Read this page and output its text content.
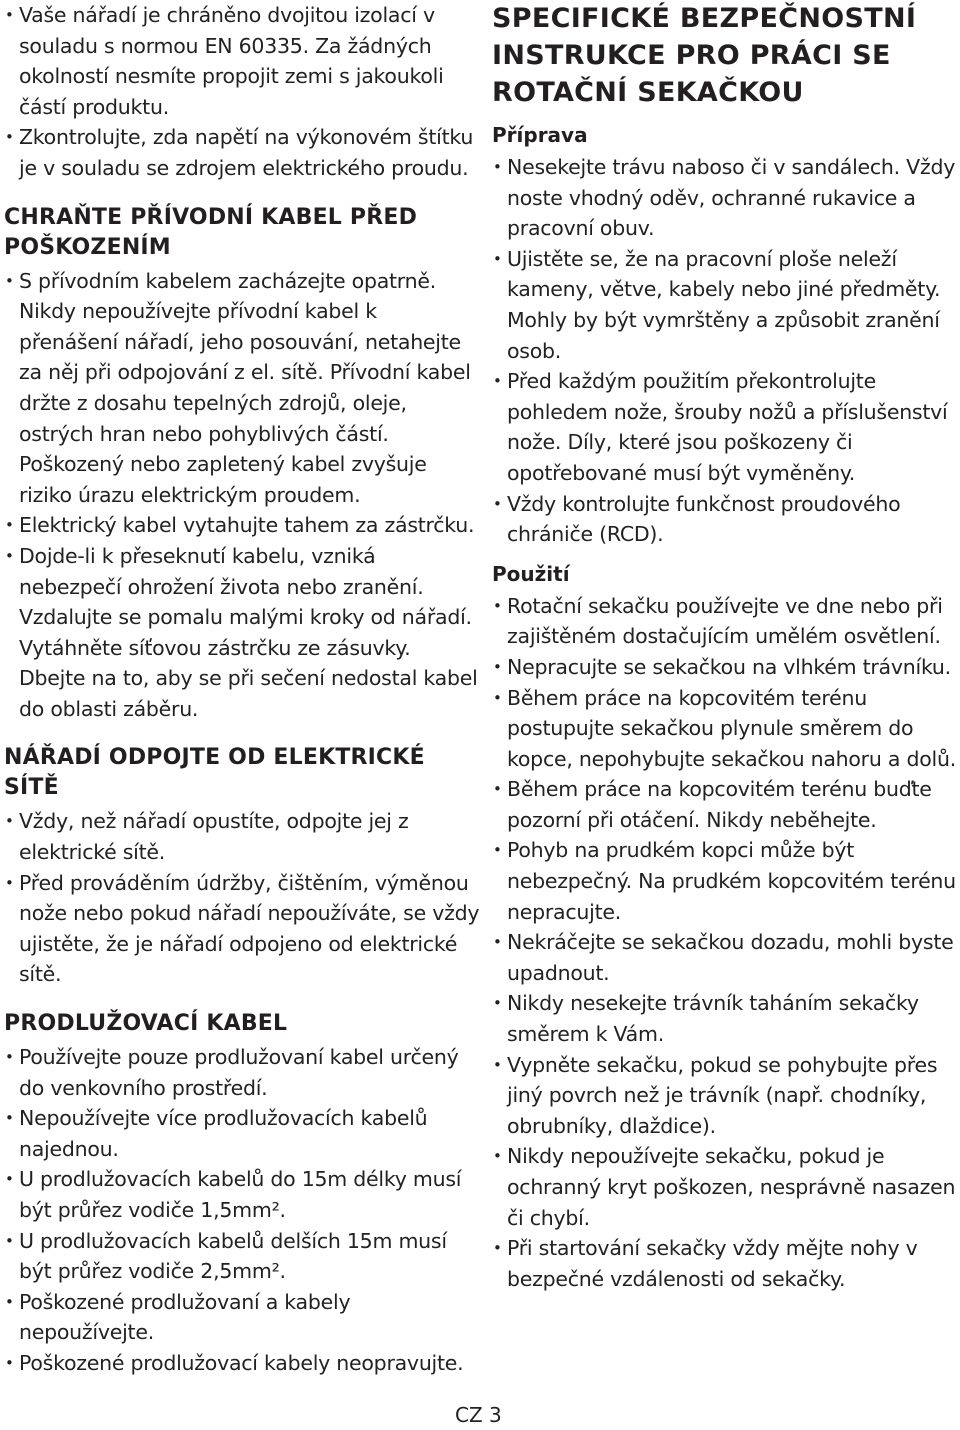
• Vaše nářadí je chráněno dvojitou izolací v souladu s normou EN 60335. Za žádných okolností nesmíte propojit zemi s jakoukoli částí produktu.
• Zkontrolujte, zda napětí na výkonovém štítku je v souladu se zdrojem elektrického proudu.
CHRAŇTE PŘÍVODNÍ KABEL PŘED POŠKOZENÍM
• S přívodním kabelem zacházejte opatrně. Nikdy nepoužívejte přívodní kabel k přenášení nářadí, jeho posouvání, netahejte za něj při odpojování z el. sítě. Přívodní kabel držte z dosahu tepelných zdrojů, oleje, ostrých hran nebo pohyblivých částí. Poškozený nebo zapletený kabel zvyšuje riziko úrazu elektrickým proudem.
• Elektrický kabel vytahujte tahem za zástrčku.
• Dojde-li k přeseknutí kabelu, vzniká nebezpečí ohrožení života nebo zranění. Vzdalujte se pomalu malými kroky od nářadí. Vytáhněte síťovou zástrčku ze zásuvky. Dbejte na to, aby se při sečení nedostal kabel do oblasti záběru.
NÁŘADÍ ODPOJTE OD ELEKTRICKÉ SÍTĚ
• Vždy, než nářadí opustíte, odpojte jej z elektrické sítě.
• Před prováděním údržby, čištěním, výměnou nože nebo pokud nářadí nepoužíváte, se vždy ujistěte, že je nářadí odpojeno od elektrické sítě.
PRODLUŽOVACÍ KABEL
• Používejte pouze prodlužovaní kabel určený do venkovního prostředí.
• Nepoužívejte více prodlužovacích kabelů najednou.
• U prodlužovacích kabelů do 15m délky musí být průřez vodiče 1,5mm².
• U prodlužovacích kabelů delších 15m musí být průřez vodiče 2,5mm².
• Poškozené prodlužovaní a kabely nepoužívejte.
• Poškozené prodlužovací kabely neopravujte.
SPECIFICKÉ BEZPEČNOSTNÍ INSTRUKCE PRO PRÁCI SE ROTAČNÍ SEKAČKOU
Příprava
• Nesekejte trávu naboso či v sandálech. Vždy noste vhodný oděv, ochranné rukavice a pracovní obuv.
• Ujistěte se, že na pracovní ploše neleží kameny, větve, kabely nebo jiné předměty. Mohly by být vymrštěny a způsobit zranění osob.
• Před každým použitím překontrolujte pohledem nože, šrouby nožů a příslušenství nože. Díly, které jsou poškozeny či opotřebované musí být vyměněny.
• Vždy kontrolujte funkčnost proudového chrániče (RCD).
Použití
• Rotační sekačku používejte ve dne nebo při zajištěném dostačujícím umělém osvětlení.
• Nepracujte se sekačkou na vlhkém trávníku.
• Během práce na kopcovitém terénu postupujte sekačkou plynule směrem do kopce, nepohybujte sekačkou nahoru a dolů.
• Během práce na kopcovitém terénu buďte pozorní při otáčení. Nikdy neběhejte.
• Pohyb na prudkém kopci může být nebezpečný. Na prudkém kopcovitém terénu nepracujte.
• Nekráčejte se sekačkou dozadu, mohli byste upadnout.
• Nikdy nesekejte trávník taháním sekačky směrem k Vám.
• Vypněte sekačku, pokud se pohybujte přes jiný povrch než je trávník (např. chodníky, obrubníky, dlaždice).
• Nikdy nepoužívejte sekačku, pokud je ochranný kryt poškozen, nesprávně nasazen či chybí.
• Při startování sekačky vždy mějte nohy v bezpečné vzdálenosti od sekačky.
CZ 3
